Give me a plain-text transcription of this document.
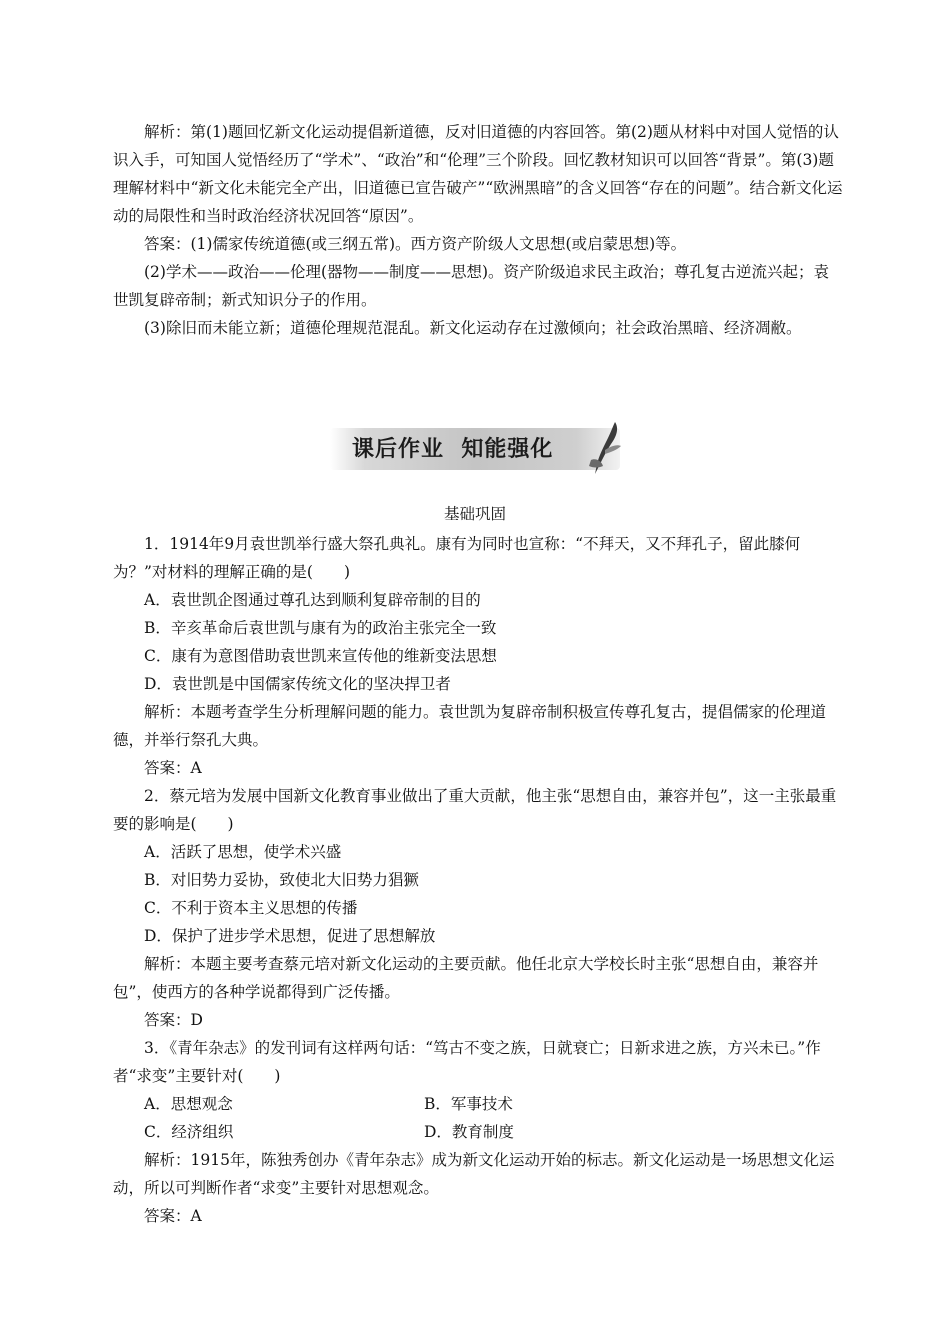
解析：第(1)题回忆新文化运动提倡新道德，反对旧道德的内容回答。第(2)题从材料中对国人觉悟的认识入手，可知国人觉悟经历了“学术”、“政治”和“伦理”三个阶段。回忆教材知识可以回答“背景”。第(3)题理解材料中“新文化未能完全产出，旧道德已宣告破产”“欧洲黑暗”的含义回答“存在的问题”。结合新文化运动的局限性和当时政治经济状况回答“原因”。

答案：(1)儒家传统道德(或三纲五常)。西方资产阶级人文思想(或启蒙思想)等。

(2)学术——政治——伦理(器物——制度——思想)。资产阶级追求民主政治；尊孔复古逆流兴起；袁世凯复辟帝制；新式知识分子的作用。

(3)除旧而未能立新；道德伦理规范混乱。新文化运动存在过激倾向；社会政治黑暗、经济凋敝。

课后作业  知能强化
基础巩固

1．1914年9月袁世凯举行盛大祭孔典礼。康有为同时也宣称：“不拜天，又不拜孔子，留此膝何为？”对材料的理解正确的是(　　)

A．袁世凯企图通过尊孔达到顺利复辟帝制的目的

B．辛亥革命后袁世凯与康有为的政治主张完全一致

C．康有为意图借助袁世凯来宣传他的维新变法思想

D．袁世凯是中国儒家传统文化的坚决捍卫者

解析：本题考查学生分析理解问题的能力。袁世凯为复辟帝制积极宣传尊孔复古，提倡儒家的伦理道德，并举行祭孔大典。

答案：A

2．蔡元培为发展中国新文化教育事业做出了重大贡献，他主张“思想自由，兼容并包”，这一主张最重要的影响是(　　)

A．活跃了思想，使学术兴盛

B．对旧势力妥协，致使北大旧势力猖獗

C．不利于资本主义思想的传播

D．保护了进步学术思想，促进了思想解放

解析：本题主要考查蔡元培对新文化运动的主要贡献。他任北京大学校长时主张“思想自由，兼容并包”，使西方的各种学说都得到广泛传播。

答案：D

3．《青年杂志》的发刊词有这样两句话：“笃古不变之族，日就衰亡；日新求进之族，方兴未已。”作者“求变”主要针对(　　)

A．思想观念	B．军事技术
C．经济组织	D．教育制度

解析：1915年，陈独秀创办《青年杂志》成为新文化运动开始的标志。新文化运动是一场思想文化运动，所以可判断作者“求变”主要针对思想观念。

答案：A
